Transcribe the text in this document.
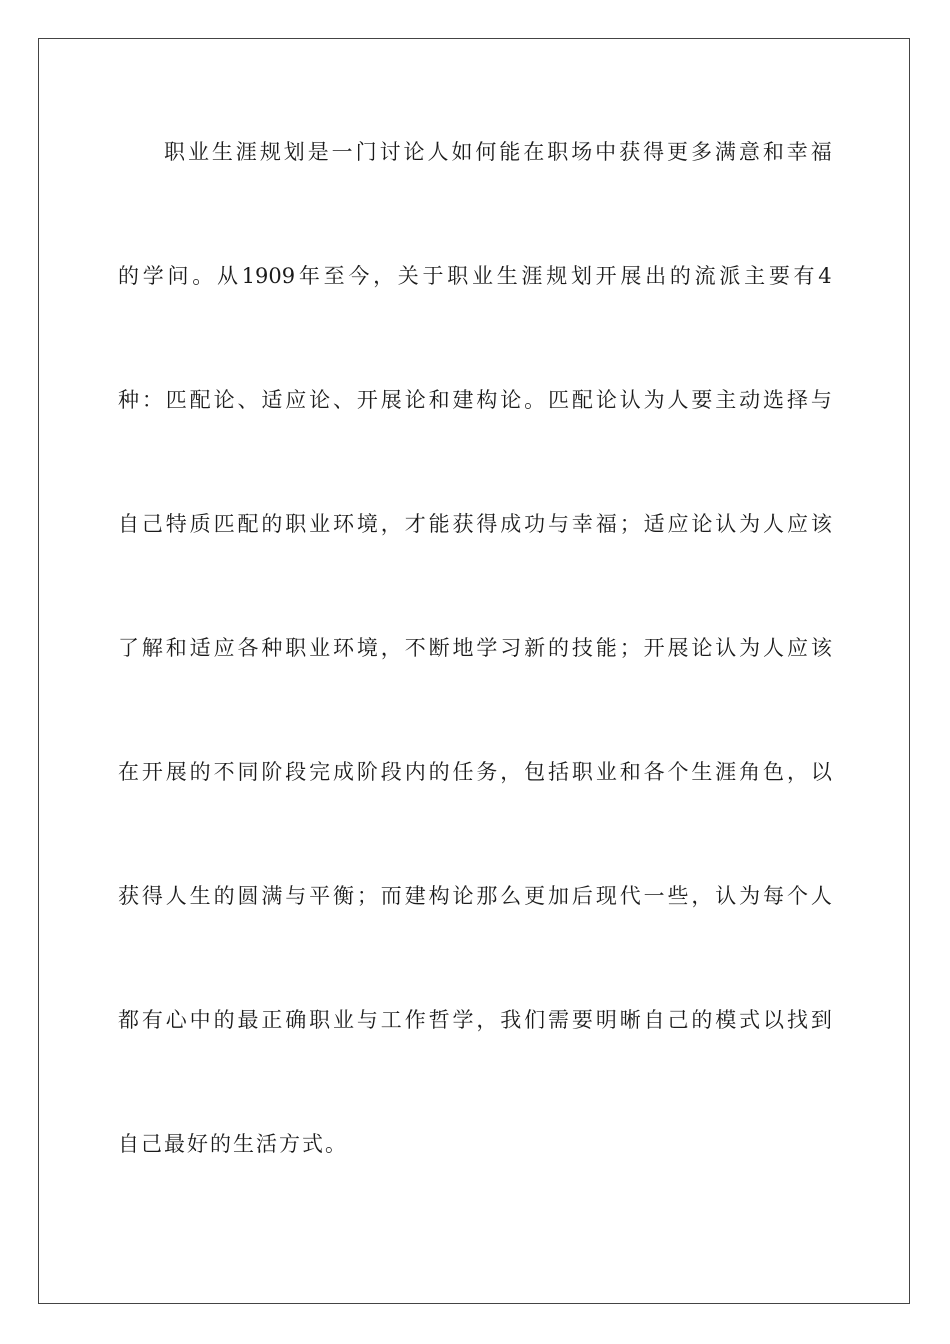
职 业 生 涯 规 划 是 一 门 讨 论 人 如 何 能 在 职 场 中 获 得 更 多 满 意 和 幸 福
的 学 问 。 从 1909 年 至 今 ， 关 于 职 业 生 涯 规 划 开 展 出 的 流 派 主 要 有 4
种 ： 匹 配 论 、 适 应 论 、 开 展 论 和 建 构 论 。 匹 配 论 认 为 人 要 主 动 选 择 与
自 己 特 质 匹 配 的 职 业 环 境 ， 才 能 获 得 成 功 与 幸 福 ； 适 应 论 认 为 人 应 该
了 解 和 适 应 各 种 职 业 环 境 ， 不 断 地 学 习 新 的 技 能 ； 开 展 论 认 为 人 应 该
在 开 展 的 不 同 阶 段 完 成 阶 段 内 的 任 务 ， 包 括 职 业 和 各 个 生 涯 角 色 ， 以
获 得 人 生 的 圆 满 与 平 衡 ； 而 建 构 论 那 么 更 加 后 现 代 一 些 ， 认 为 每 个 人
都 有 心 中 的 最 正 确 职 业 与 工 作 哲 学 ， 我 们 需 要 明 晰 自 己 的 模 式 以 找 到
自己最好的生活方式。
